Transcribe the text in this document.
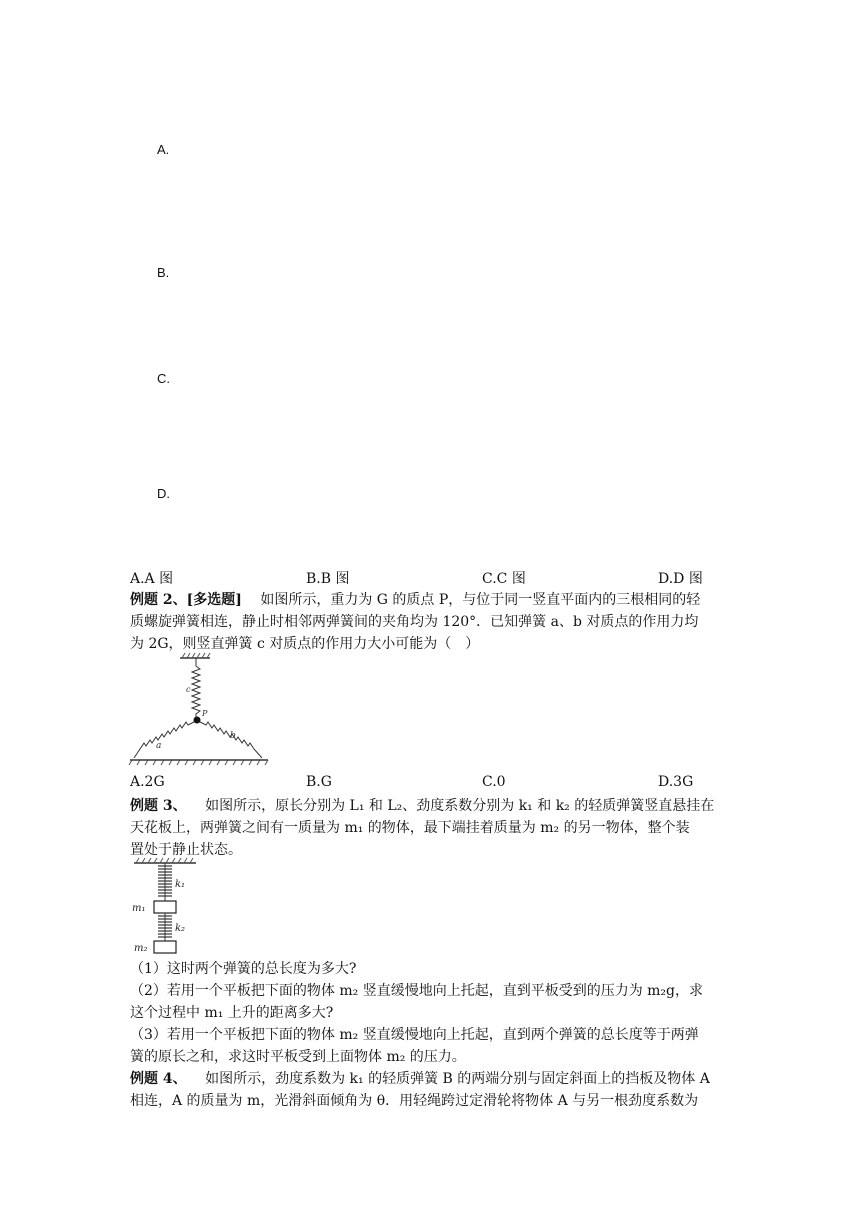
A.
B.
C.
D.
A.A 图	B.B 图	C.C 图	D.D 图
例题 2、[多选题] 如图所示，重力为 G 的质点 P，与位于同一竖直平面内的三根相同的轻
质螺旋弹簧相连，静止时相邻两弹簧间的夹角均为 120°．已知弹簧 a、b 对质点的作用力均
为 2G，则竖直弹簧 c 对质点的作用力大小可能为（　）
c
P
a
b
A.2G	B.G	C.0	D.3G
例题 3、 如图所示，原长分别为 L₁ 和 L₂、劲度系数分别为 k₁ 和 k₂ 的轻质弹簧竖直悬挂在
天花板上，两弹簧之间有一质量为 m₁ 的物体，最下端挂着质量为 m₂ 的另一物体，整个装
置处于静止状态。
k₁
m₁
k₂
m₂
（1）这时两个弹簧的总长度为多大?
（2）若用一个平板把下面的物体 m₂ 竖直缓慢地向上托起，直到平板受到的压力为 m₂g，求
这个过程中 m₁ 上升的距离多大?
（3）若用一个平板把下面的物体 m₂ 竖直缓慢地向上托起，直到两个弹簧的总长度等于两弹
簧的原长之和，求这时平板受到上面物体 m₂ 的压力。
例题 4、 如图所示，劲度系数为 k₁ 的轻质弹簧 B 的两端分别与固定斜面上的挡板及物体 A
相连，A 的质量为 m，光滑斜面倾角为 θ．用轻绳跨过定滑轮将物体 A 与另一根劲度系数为
